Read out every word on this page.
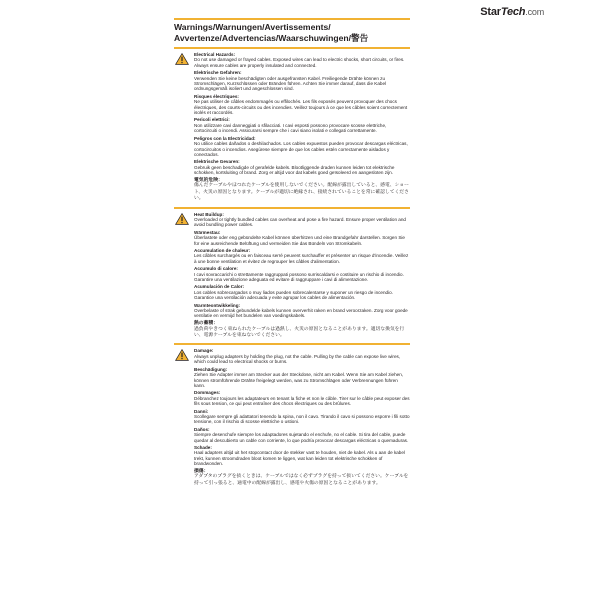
StarTech.com
Warnings/Warnungen/Avertissements/
Avvertenze/Advertencias/Waarschuwingen/警告
Electrical Hazards:
Do not use damaged or frayed cables. Exposed wires can lead to electric shocks, short circuits, or fires. Always ensure cables are properly insulated and connected.
Elektrische Gefahren:
Verwenden Sie keine beschädigten oder ausgefransten Kabel. Freiliegende Drähte können zu Stromschlägen, Kurzschlüssen oder Bränden führen. Achten Sie immer darauf, dass die Kabel ordnungsgemäß isoliert und angeschlossen sind.
Risques électriques:
Ne pas utiliser de câbles endommagés ou effilochés. Les fils exposés peuvent provoquer des chocs électriques, des courts-circuits ou des incendies. Veillez toujours à ce que les câbles soient correctement isolés et raccordés.
Pericoli elettrici:
Non utilizzare cavi danneggiati o sfilacciati. I cavi esposti possono provocare scosse elettriche, cortocircuiti o incendi. Assicurarsi sempre che i cavi siano isolati e collegati correttamente.
Peligros con la Electricidad:
No utilice cables dañados o deshilachados. Los cables expuestos pueden provocar descargas eléctricas, cortocircuitos o incendios. Asegúrese siempre de que los cables estén correctamente aislados y conectados.
Elektrische Gevaren:
Gebruik geen beschadigde of gerafelde kabels. Blootliggende draden kunnen leiden tot elektrische schokken, kortsluiting of brand. Zorg er altijd voor dat kabels goed geïsoleerd en aangesloten zijn.
電気的危険：
傷んだケーブルやほつれたケーブルを使用しないでください。配線が露出していると、感電、ショート、火災の原因となります。ケーブルが適切に絶縁され、接続されていることを常に確認してください。
Heat Buildup:
Overloaded or tightly bundled cables can overheat and pose a fire hazard. Ensure proper ventilation and avoid bundling power cables.
Wärmestau:
Überlastete oder eng gebündelte Kabel können überhitzen und eine Brandgefahr darstellen. Sorgen Sie für eine ausreichende Belüftung und vermeiden Sie das Bündeln von Stromkabeln.
Accumulation de chaleur:
Les câbles surchargés ou en faisceau serré peuvent surchauffer et présenter un risque d'incendie. Veillez à une bonne ventilation et évitez de regrouper les câbles d'alimentation.
Accumulo di calore:
I cavi sovraccarichi o strettamente raggruppati possono surriscaldarsi e costituire un rischio di incendio. Garantire una ventilazione adeguata ed evitare di raggruppare i cavi di alimentazione.
Acumulación de Calor:
Los cables sobrecargados o muy liados pueden sobrecalentarse y suponer un riesgo de incendio. Garantice una ventilación adecuada y evite agrupar los cables de alimentación.
Warmteontwikkeling:
Overbelaste of strak gebundelde kabels kunnen oververhit raken en brand veroorzaken. Zorg voor goede ventilatie en vermijd het bundelen van voedingskabels.
熱の蓄積：
過負荷やきつく束ねられたケーブルは過熱し、火災の原因となることがあります。適切な換気を行い、電源ケーブルを束ねないでください。
Damage:
Always unplug adapters by holding the plug, not the cable. Pulling by the cable can expose live wires, which could lead to electrical shocks or burns.
Beschädigung:
Ziehen Sie Adapter immer am Stecker aus der Steckdose, nicht am Kabel. Wenn Sie am Kabel ziehen, können stromführende Drähte freigelegt werden, was zu Stromschlägen oder Verbrennungen führen kann.
Dommages:
Débranchez toujours les adaptateurs en tenant la fiche et non le câble. Tirer sur le câble peut exposer des fils sous tension, ce qui peut entraîner des chocs électriques ou des brûlures.
Danni:
Scollegare sempre gli adattatori tenendo la spina, non il cavo. Tirando il cavo si possono esporre i fili sotto tensione, con il rischio di scosse elettriche o ustioni.
Daños:
Siempre desenchufe siempre los adaptadores sujetando el enchufe, no el cable. Si tira del cable, puede quedar al descubierto un cable con corriente, lo que podría provocar descargas eléctricas o quemaduras.
Schade:
Haal adapters altijd uit het stopcontact door de stekker vast te houden, niet de kabel. Als u aan de kabel trekt, kunnen stroomdraden bloot komen te liggen, wat kan leiden tot elektrische schokken of brandwonden.
損傷：
アダプタのプラグを抜くときは、ケーブルではなく必ずプラグを持って抜いてください。ケーブルを持って引っ張ると、通電中の配線が露出し、感電や火傷の原因となることがあります。
